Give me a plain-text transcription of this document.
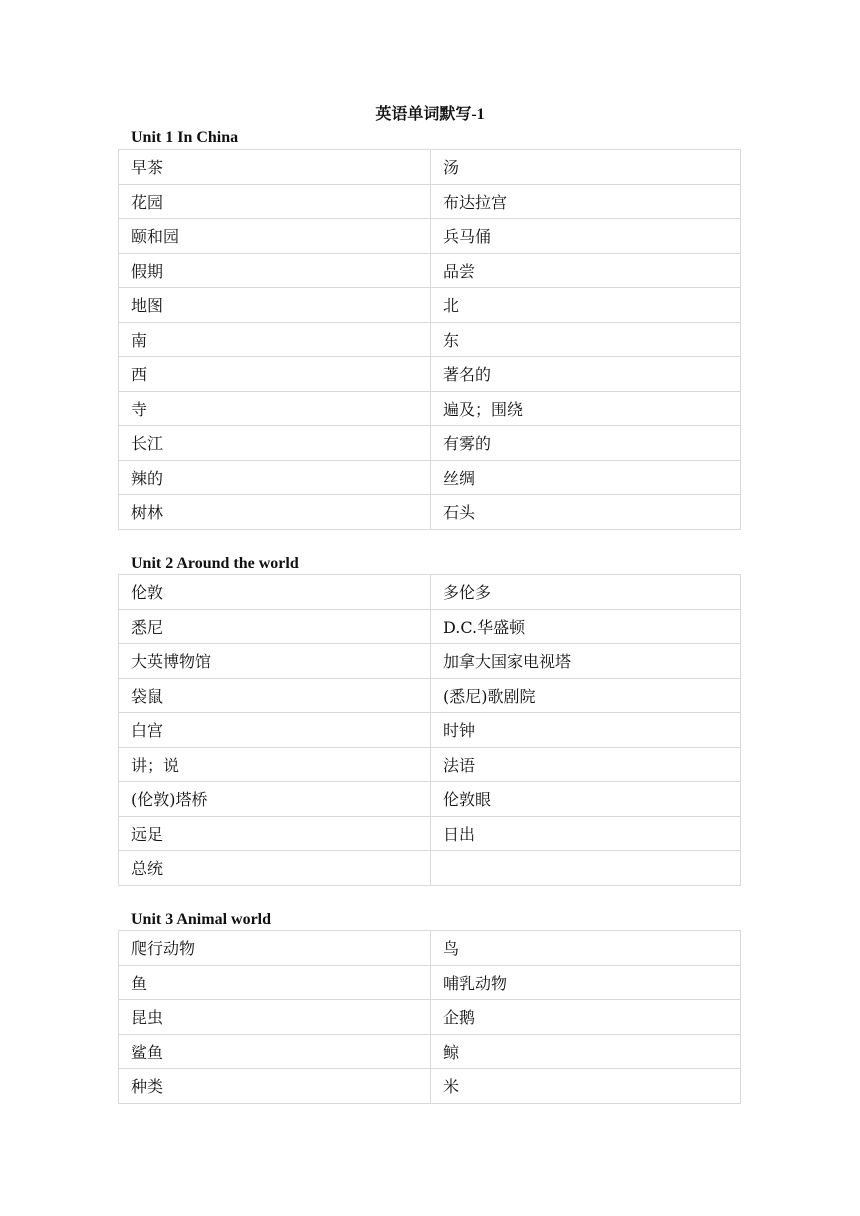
英语单词默写-1
Unit 1 In China
早茶	汤
花园	布达拉宫
颐和园	兵马俑
假期	品尝
地图	北
南	东
西	著名的
寺	遍及；围绕
长江	有雾的
辣的	丝绸
树林	石头
Unit 2 Around the world
伦敦	多伦多
悉尼	D.C.华盛顿
大英博物馆	加拿大国家电视塔
袋鼠	(悉尼)歌剧院
白宫	时钟
讲；说	法语
(伦敦)塔桥	伦敦眼
远足	日出
总统	
Unit 3 Animal world
爬行动物	鸟
鱼	哺乳动物
昆虫	企鹅
鲨鱼	鲸
种类	米
